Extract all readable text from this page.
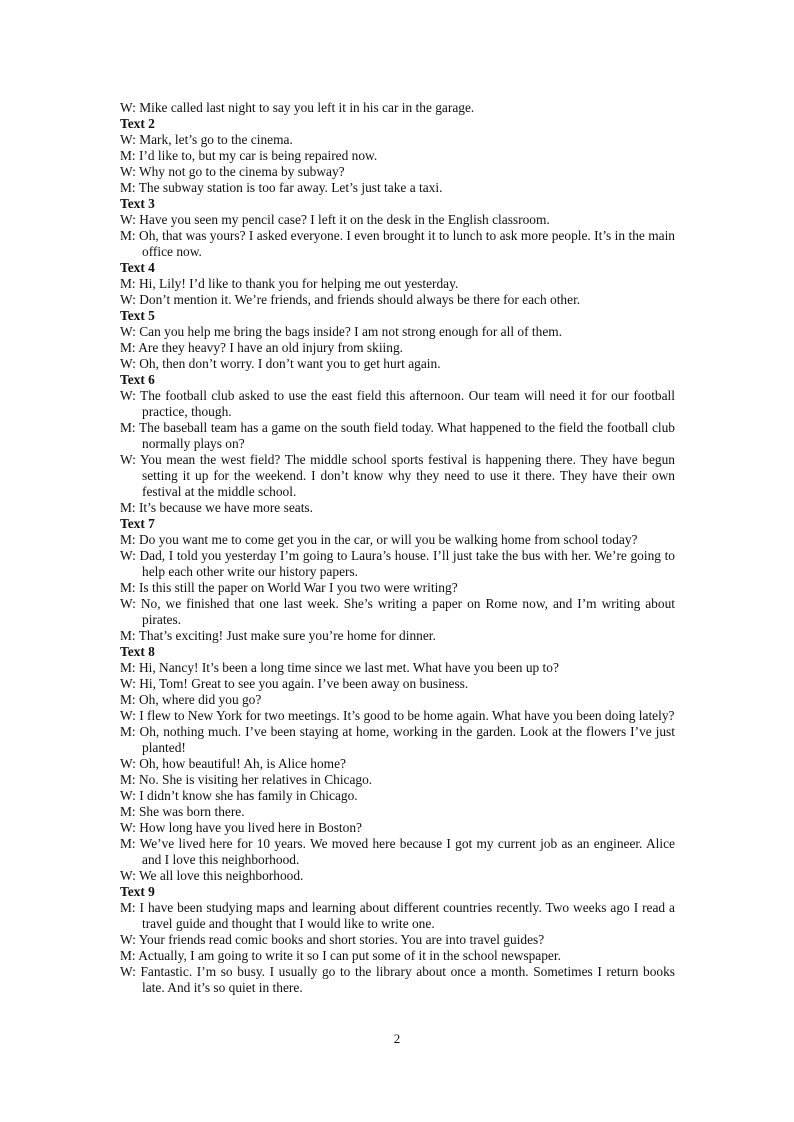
W: Mike called last night to say you left it in his car in the garage.
Text 2
W: Mark, let’s go to the cinema.
M: I’d like to, but my car is being repaired now.
W: Why not go to the cinema by subway?
M: The subway station is too far away. Let’s just take a taxi.
Text 3
W: Have you seen my pencil case? I left it on the desk in the English classroom.
M: Oh, that was yours? I asked everyone. I even brought it to lunch to ask more people. It’s in the main office now.
Text 4
M: Hi, Lily! I’d like to thank you for helping me out yesterday.
W: Don’t mention it. We’re friends, and friends should always be there for each other.
Text 5
W: Can you help me bring the bags inside? I am not strong enough for all of them.
M: Are they heavy? I have an old injury from skiing.
W: Oh, then don’t worry. I don’t want you to get hurt again.
Text 6
W: The football club asked to use the east field this afternoon. Our team will need it for our football practice, though.
M: The baseball team has a game on the south field today. What happened to the field the football club normally plays on?
W: You mean the west field? The middle school sports festival is happening there. They have begun setting it up for the weekend. I don’t know why they need to use it there. They have their own festival at the middle school.
M: It’s because we have more seats.
Text 7
M: Do you want me to come get you in the car, or will you be walking home from school today?
W: Dad, I told you yesterday I’m going to Laura’s house. I’ll just take the bus with her. We’re going to help each other write our history papers.
M: Is this still the paper on World War I you two were writing?
W: No, we finished that one last week. She’s writing a paper on Rome now, and I’m writing about pirates.
M: That’s exciting! Just make sure you’re home for dinner.
Text 8
M: Hi, Nancy! It’s been a long time since we last met. What have you been up to?
W: Hi, Tom! Great to see you again. I’ve been away on business.
M: Oh, where did you go?
W: I flew to New York for two meetings. It’s good to be home again. What have you been doing lately?
M: Oh, nothing much. I’ve been staying at home, working in the garden. Look at the flowers I’ve just planted!
W: Oh, how beautiful! Ah, is Alice home?
M: No. She is visiting her relatives in Chicago.
W: I didn’t know she has family in Chicago.
M: She was born there.
W: How long have you lived here in Boston?
M: We’ve lived here for 10 years. We moved here because I got my current job as an engineer. Alice and I love this neighborhood.
W: We all love this neighborhood.
Text 9
M: I have been studying maps and learning about different countries recently. Two weeks ago I read a travel guide and thought that I would like to write one.
W: Your friends read comic books and short stories. You are into travel guides?
M: Actually, I am going to write it so I can put some of it in the school newspaper.
W: Fantastic. I’m so busy. I usually go to the library about once a month. Sometimes I return books late. And it’s so quiet in there.
2
